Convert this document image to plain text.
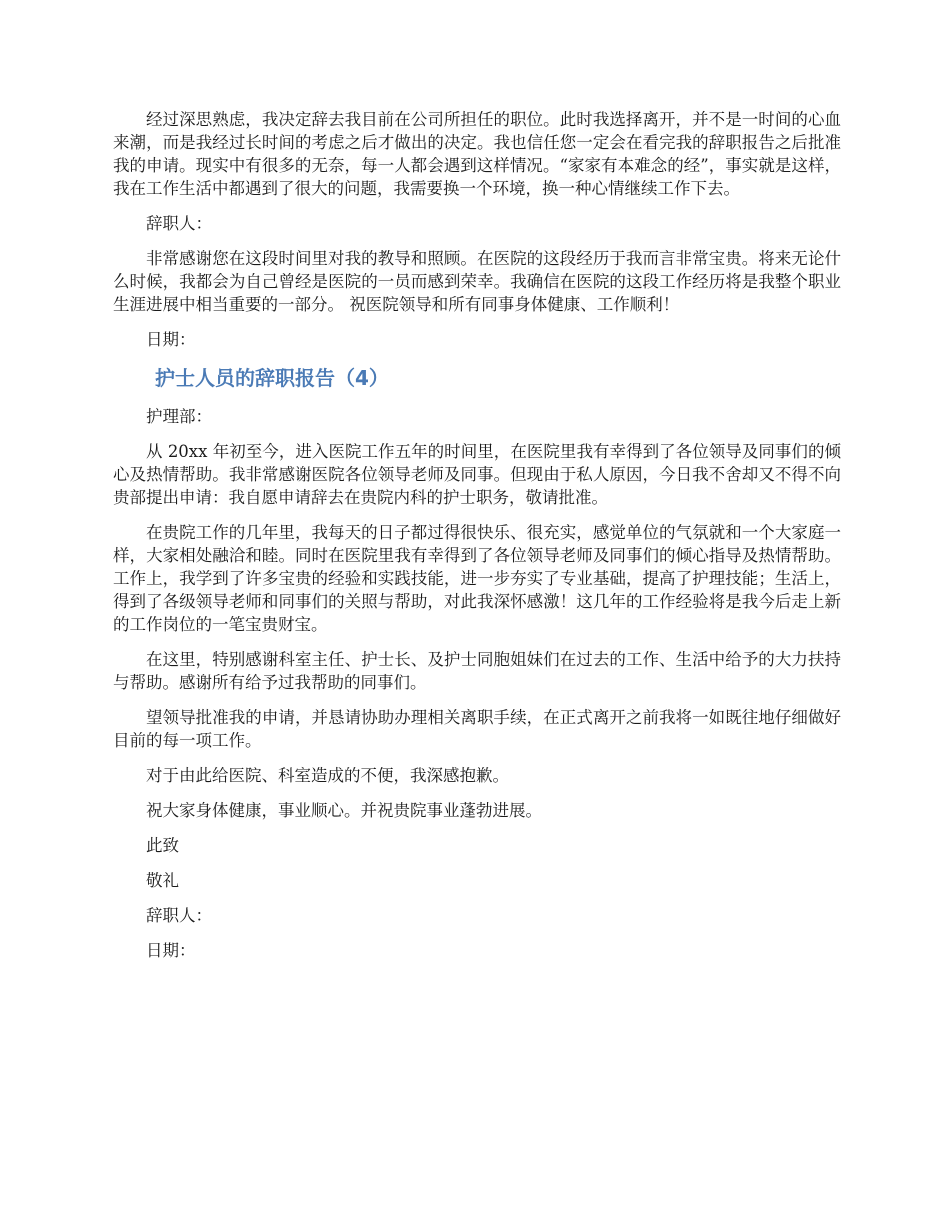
经过深思熟虑，我决定辞去我目前在公司所担任的职位。此时我选择离开，并不是一时间的心血来潮，而是我经过长时间的考虑之后才做出的决定。我也信任您一定会在看完我的辞职报告之后批准我的申请。现实中有很多的无奈，每一人都会遇到这样情况。“家家有本难念的经”，事实就是这样，我在工作生活中都遇到了很大的问题，我需要换一个环境，换一种心情继续工作下去。

辞职人：

非常感谢您在这段时间里对我的教导和照顾。在医院的这段经历于我而言非常宝贵。将来无论什么时候，我都会为自己曾经是医院的一员而感到荣幸。我确信在医院的这段工作经历将是我整个职业生涯进展中相当重要的一部分。 祝医院领导和所有同事身体健康、工作顺利！

日期：

护士人员的辞职报告（4）

护理部：

从 20xx 年初至今，进入医院工作五年的时间里，在医院里我有幸得到了各位领导及同事们的倾心及热情帮助。我非常感谢医院各位领导老师及同事。但现由于私人原因，今日我不舍却又不得不向贵部提出申请：我自愿申请辞去在贵院内科的护士职务，敬请批准。

在贵院工作的几年里，我每天的日子都过得很快乐、很充实，感觉单位的气氛就和一个大家庭一样，大家相处融洽和睦。同时在医院里我有幸得到了各位领导老师及同事们的倾心指导及热情帮助。工作上，我学到了许多宝贵的经验和实践技能，进一步夯实了专业基础，提高了护理技能；生活上，得到了各级领导老师和同事们的关照与帮助，对此我深怀感激！这几年的工作经验将是我今后走上新的工作岗位的一笔宝贵财宝。

在这里，特别感谢科室主任、护士长、及护士同胞姐妹们在过去的工作、生活中给予的大力扶持与帮助。感谢所有给予过我帮助的同事们。

望领导批准我的申请，并恳请协助办理相关离职手续，在正式离开之前我将一如既往地仔细做好目前的每一项工作。

对于由此给医院、科室造成的不便，我深感抱歉。

祝大家身体健康，事业顺心。并祝贵院事业蓬勃进展。

此致

敬礼

辞职人：

日期：
